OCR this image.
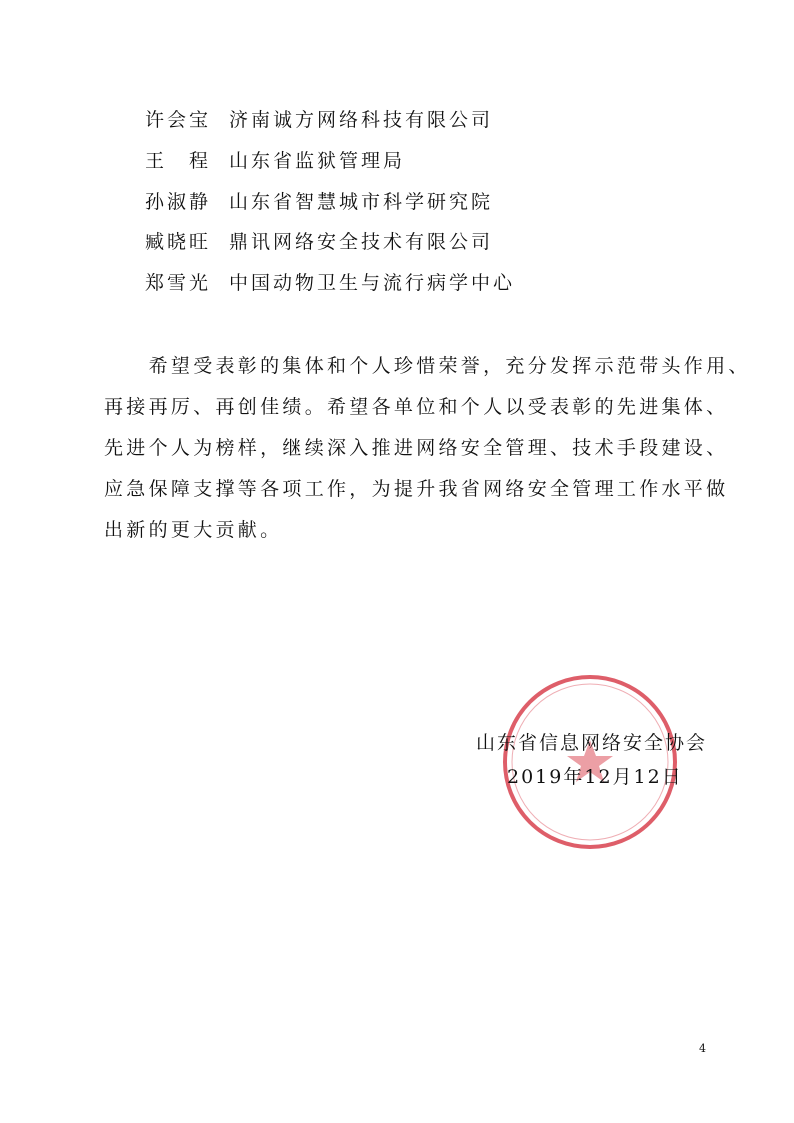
许会宝 济南诚方网络科技有限公司
王　程 山东省监狱管理局
孙淑静 山东省智慧城市科学研究院
臧晓旺 鼎讯网络安全技术有限公司
郑雪光 中国动物卫生与流行病学中心
　　希望受表彰的集体和个人珍惜荣誉，充分发挥示范带头作用、
再接再厉、再创佳绩。希望各单位和个人以受表彰的先进集体、
先进个人为榜样，继续深入推进网络安全管理、技术手段建设、
应急保障支撑等各项工作，为提升我省网络安全管理工作水平做
出新的更大贡献。
山东省信息网络安全协会
2019年12月12日
4
